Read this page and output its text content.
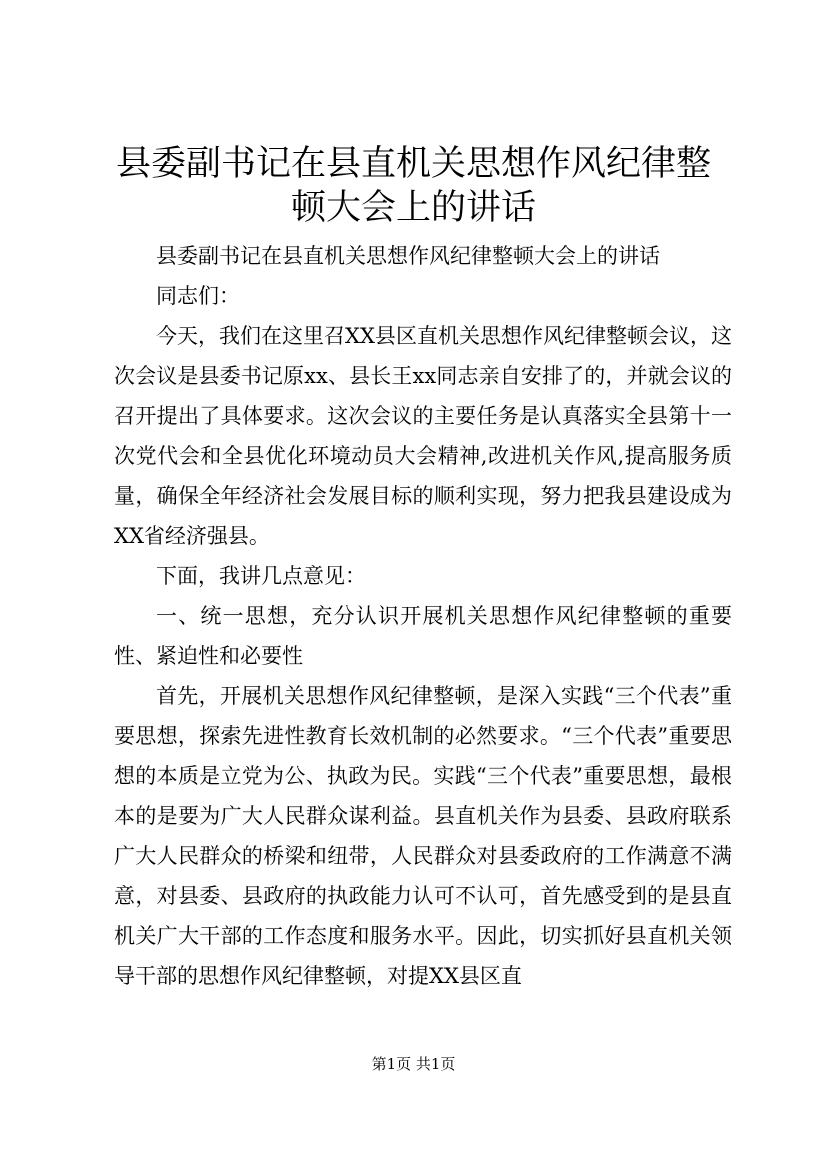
县委副书记在县直机关思想作风纪律整顿大会上的讲话

县委副书记在县直机关思想作风纪律整顿大会上的讲话

同志们：

今天，我们在这里召XX县区直机关思想作风纪律整顿会议，这次会议是县委书记原xx、县长王xx同志亲自安排了的，并就会议的召开提出了具体要求。这次会议的主要任务是认真落实全县第十一次党代会和全县优化环境动员大会精神,改进机关作风,提高服务质量，确保全年经济社会发展目标的顺利实现，努力把我县建设成为XX省经济强县。

下面，我讲几点意见：

一、统一思想，充分认识开展机关思想作风纪律整顿的重要性、紧迫性和必要性

首先，开展机关思想作风纪律整顿，是深入实践“三个代表”重要思想，探索先进性教育长效机制的必然要求。“三个代表”重要思想的本质是立党为公、执政为民。实践“三个代表”重要思想，最根本的是要为广大人民群众谋利益。县直机关作为县委、县政府联系广大人民群众的桥梁和纽带，人民群众对县委政府的工作满意不满意，对县委、县政府的执政能力认可不认可，首先感受到的是县直机关广大干部的工作态度和服务水平。因此，切实抓好县直机关领导干部的思想作风纪律整顿，对提XX县区直

第1页 共1页
